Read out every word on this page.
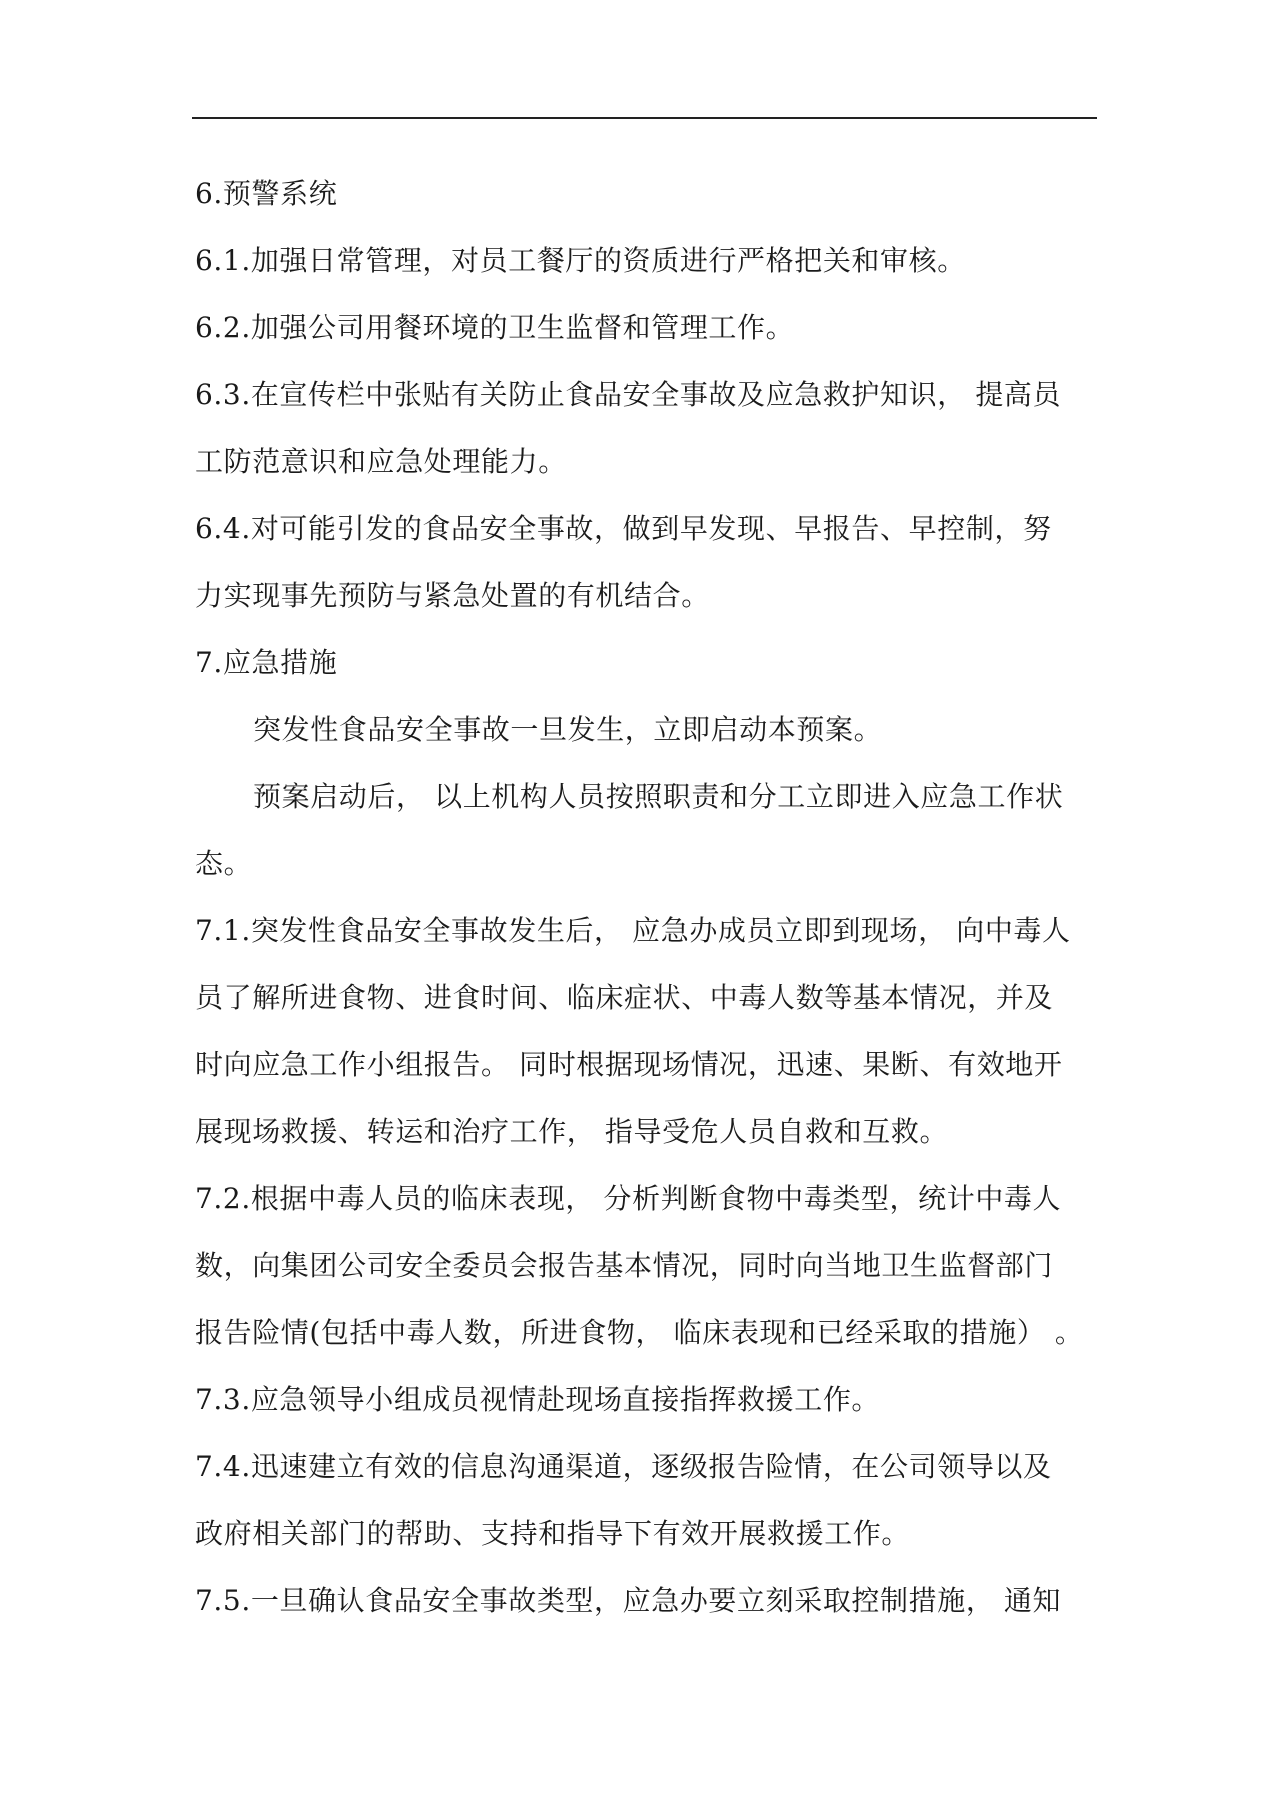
6.预警系统
6.1.加强日常管理，对员工餐厅的资质进行严格把关和审核。
6.2.加强公司用餐环境的卫生监督和管理工作。
6.3.在宣传栏中张贴有关防止食品安全事故及应急救护知识， 提高员
工防范意识和应急处理能力。
6.4.对可能引发的食品安全事故，做到早发现、早报告、早控制，努
力实现事先预防与紧急处置的有机结合。
7.应急措施
突发性食品安全事故一旦发生，立即启动本预案。
预案启动后， 以上机构人员按照职责和分工立即进入应急工作状
态。
7.1.突发性食品安全事故发生后， 应急办成员立即到现场， 向中毒人
员了解所进食物、进食时间、临床症状、中毒人数等基本情况，并及
时向应急工作小组报告。 同时根据现场情况，迅速、果断、有效地开
展现场救援、转运和治疗工作， 指导受危人员自救和互救。
7.2.根据中毒人员的临床表现， 分析判断食物中毒类型，统计中毒人
数，向集团公司安全委员会报告基本情况，同时向当地卫生监督部门
报告险情(包括中毒人数，所进食物， 临床表现和已经采取的措施） 。
7.3.应急领导小组成员视情赴现场直接指挥救援工作。
7.4.迅速建立有效的信息沟通渠道，逐级报告险情，在公司领导以及
政府相关部门的帮助、支持和指导下有效开展救援工作。
7.5.一旦确认食品安全事故类型，应急办要立刻采取控制措施， 通知
